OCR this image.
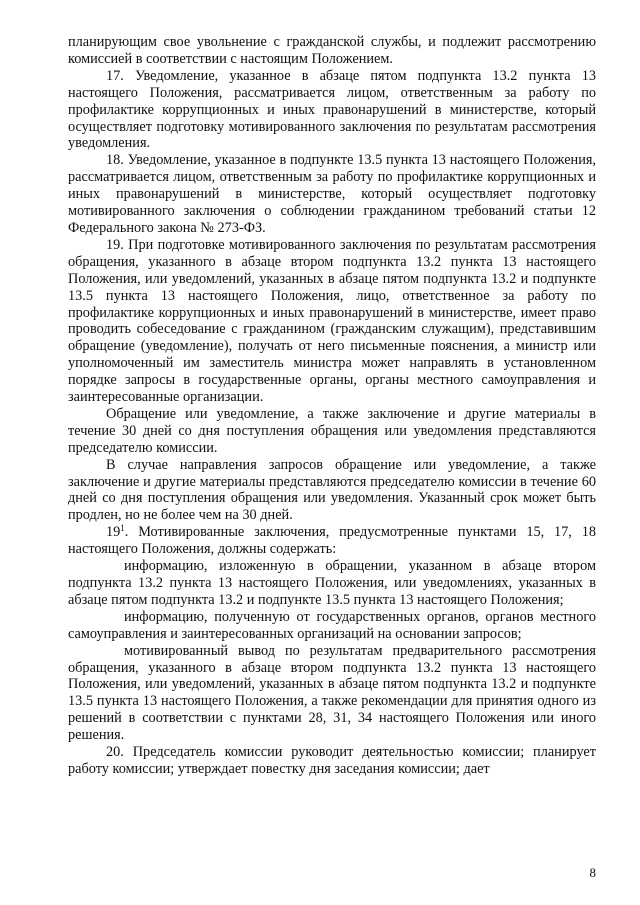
планирующим свое увольнение с гражданской службы, и подлежит рассмотрению комиссией в соответствии с настоящим Положением.

17. Уведомление, указанное в абзаце пятом подпункта 13.2 пункта 13 настоящего Положения, рассматривается лицом, ответственным за работу по профилактике коррупционных и иных правонарушений в министерстве, который осуществляет подготовку мотивированного заключения по результатам рассмотрения уведомления.

18. Уведомление, указанное в подпункте 13.5 пункта 13 настоящего Положения, рассматривается лицом, ответственным за работу по профилактике коррупционных и иных правонарушений в министерстве, который осуществляет подготовку мотивированного заключения о соблюдении гражданином требований статьи 12 Федерального закона № 273-ФЗ.

19. При подготовке мотивированного заключения по результатам рассмотрения обращения, указанного в абзаце втором подпункта 13.2 пункта 13 настоящего Положения, или уведомлений, указанных в абзаце пятом подпункта 13.2 и подпункте 13.5 пункта 13 настоящего Положения, лицо, ответственное за работу по профилактике коррупционных и иных правонарушений в министерстве, имеет право проводить собеседование с гражданином (гражданским служащим), представившим обращение (уведомление), получать от него письменные пояснения, а министр или уполномоченный им заместитель министра может направлять в установленном порядке запросы в государственные органы, органы местного самоуправления и заинтересованные организации.

Обращение или уведомление, а также заключение и другие материалы в течение 30 дней со дня поступления обращения или уведомления представляются председателю комиссии.

В случае направления запросов обращение или уведомление, а также заключение и другие материалы представляются председателю комиссии в течение 60 дней со дня поступления обращения или уведомления. Указанный срок может быть продлен, но не более чем на 30 дней.

$19^1$. Мотивированные заключения, предусмотренные пунктами 15, 17, 18 настоящего Положения, должны содержать:

информацию, изложенную в обращении, указанном в абзаце втором подпункта 13.2 пункта 13 настоящего Положения, или уведомлениях, указанных в абзаце пятом подпункта 13.2 и подпункте 13.5 пункта 13 настоящего Положения;

информацию, полученную от государственных органов, органов местного самоуправления и заинтересованных организаций на основании запросов;

мотивированный вывод по результатам предварительного рассмотрения обращения, указанного в абзаце втором подпункта 13.2 пункта 13 настоящего Положения, или уведомлений, указанных в абзаце пятом подпункта 13.2 и подпункте 13.5 пункта 13 настоящего Положения, а также рекомендации для принятия одного из решений в соответствии с пунктами 28, 31, 34 настоящего Положения или иного решения.

20. Председатель комиссии руководит деятельностью комиссии; планирует работу комиссии; утверждает повестку дня заседания комиссии; дает

8
